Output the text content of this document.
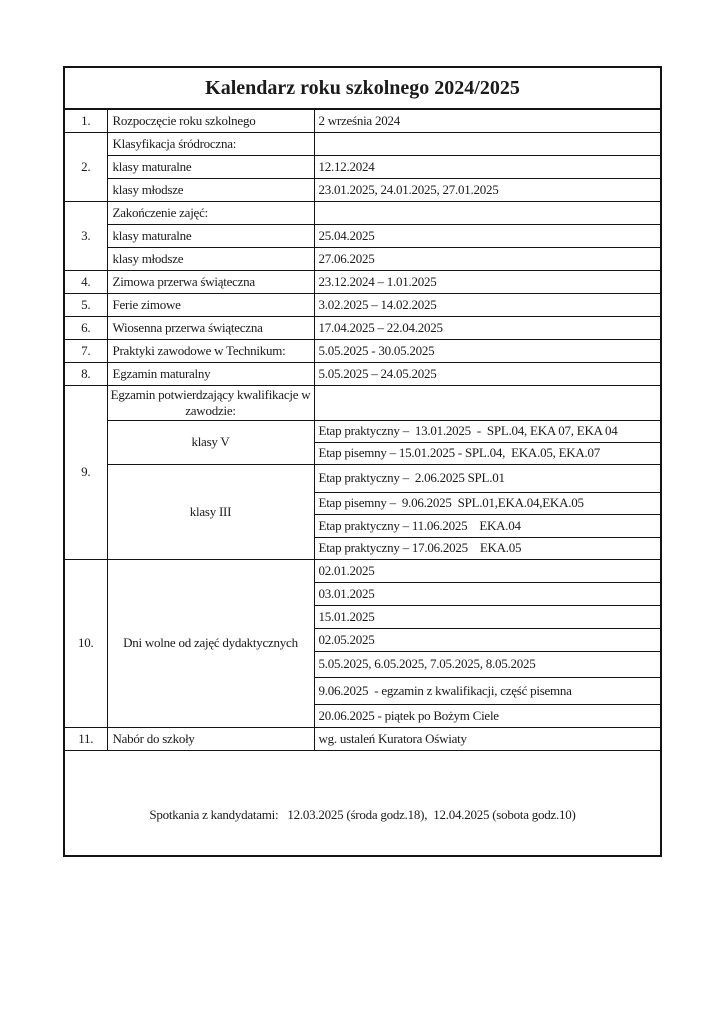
Kalendarz roku szkolnego 2024/2025		
1.	Rozpoczęcie roku szkolnego	2 września 2024
2.	Klasyfikacja śródroczna:	
	klasy maturalne	12.12.2024
	klasy młodsze	23.01.2025, 24.01.2025, 27.01.2025
3.	Zakończenie zajęć:	
	klasy maturalne	25.04.2025
	klasy młodsze	27.06.2025
4.	Zimowa przerwa świąteczna	23.12.2024 – 1.01.2025
5.	Ferie zimowe	3.02.2025 – 14.02.2025
6.	Wiosenna przerwa świąteczna	17.04.2025 – 22.04.2025
7.	Praktyki zawodowe w Technikum:	5.05.2025 - 30.05.2025
8.	Egzamin maturalny	5.05.2025 – 24.05.2025
9.	Egzamin potwierdzający kwalifikacje w zawodzie:	
	klasy V	Etap praktyczny –  13.01.2025  -  SPL.04, EKA 07, EKA 04
		Etap pisemny – 15.01.2025 - SPL.04,  EKA.05, EKA.07
	klasy III	Etap praktyczny –  2.06.2025 SPL.01
		Etap pisemny –  9.06.2025  SPL.01,EKA.04,EKA.05
		Etap praktyczny – 11.06.2025    EKA.04
		Etap praktyczny – 17.06.2025    EKA.05
10.	Dni wolne od zajęć dydaktycznych	02.01.2025
		03.01.2025
		15.01.2025
		02.05.2025
		5.05.2025, 6.05.2025, 7.05.2025, 8.05.2025
		9.06.2025  - egzamin z kwalifikacji, część pisemna
		20.06.2025 - piątek po Bożym Ciele
11.	Nabór do szkoły	wg. ustaleń Kuratora Oświaty
Spotkania z kandydatami:   12.03.2025 (środa godz.18),  12.04.2025 (sobota godz.10)		
